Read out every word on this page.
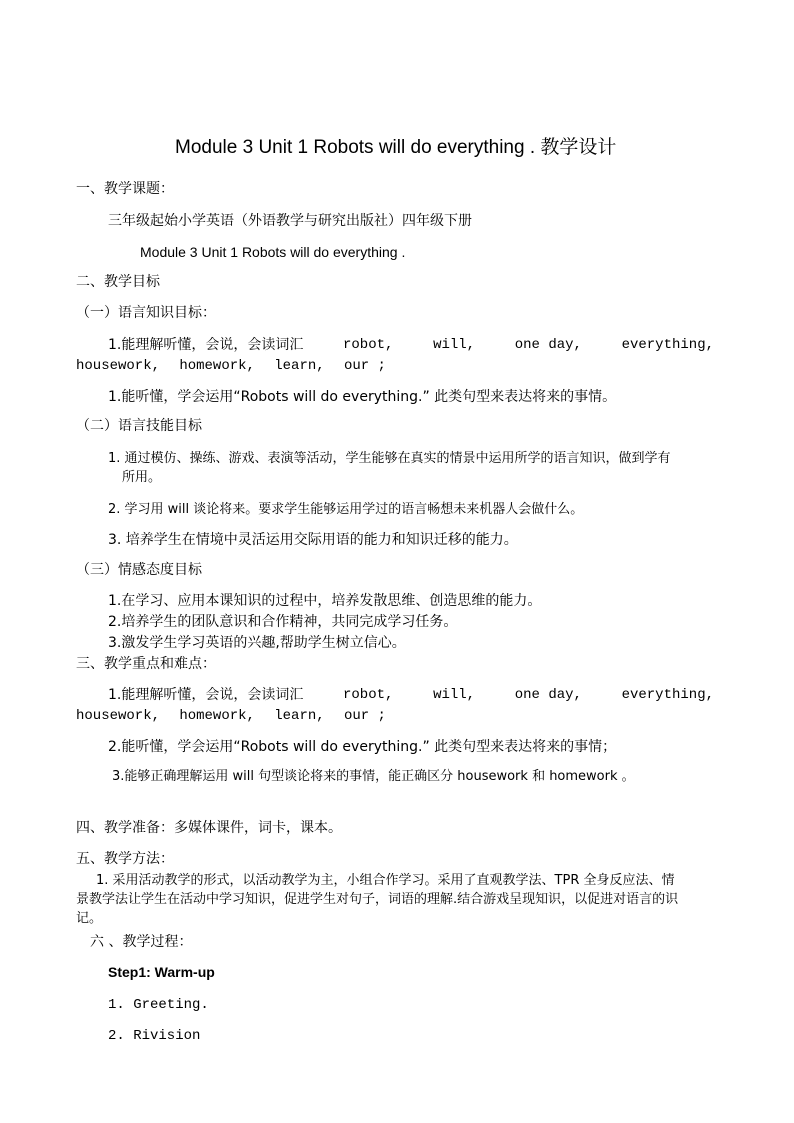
Module 3 Unit 1 Robots will do everything . 教学设计
一、教学课题：
三年级起始小学英语（外语教学与研究出版社）四年级下册
Module 3 Unit 1 Robots will do everything .
二、教学目标
（一）语言知识目标：
1.能理解听懂，会说，会读词汇	robot,	will,	one day,	everything,
housework, homework, learn, our ;
1.能听懂，学会运用“Robots will do everything.” 此类句型来表达将来的事情。
（二）语言技能目标
1. 通过模仿、操练、游戏、表演等活动，学生能够在真实的情景中运用所学的语言知识，做到学有
所用。
2. 学习用 will 谈论将来。要求学生能够运用学过的语言畅想未来机器人会做什么。
3. 培养学生在情境中灵活运用交际用语的能力和知识迁移的能力。
（三）情感态度目标
1.在学习、应用本课知识的过程中，培养发散思维、创造思维的能力。
2.培养学生的团队意识和合作精神，共同完成学习任务。
3.激发学生学习英语的兴趣,帮助学生树立信心。
三、教学重点和难点：
1.能理解听懂，会说，会读词汇	robot,	will,	one day,	everything,
housework, homework, learn, our ;
2.能听懂，学会运用“Robots will do everything.” 此类句型来表达将来的事情；
3.能够正确理解运用 will 句型谈论将来的事情，能正确区分 housework 和 homework 。
四、教学准备：多媒体课件，词卡，课本。
五、教学方法：
1. 采用活动教学的形式，以活动教学为主，小组合作学习。采用了直观教学法、TPR 全身反应法、情
景教学法让学生在活动中学习知识，促进学生对句子，词语的理解.结合游戏呈现知识，以促进对语言的识
记。
六 、教学过程：
Step1: Warm-up
1. Greeting.
2. Rivision
